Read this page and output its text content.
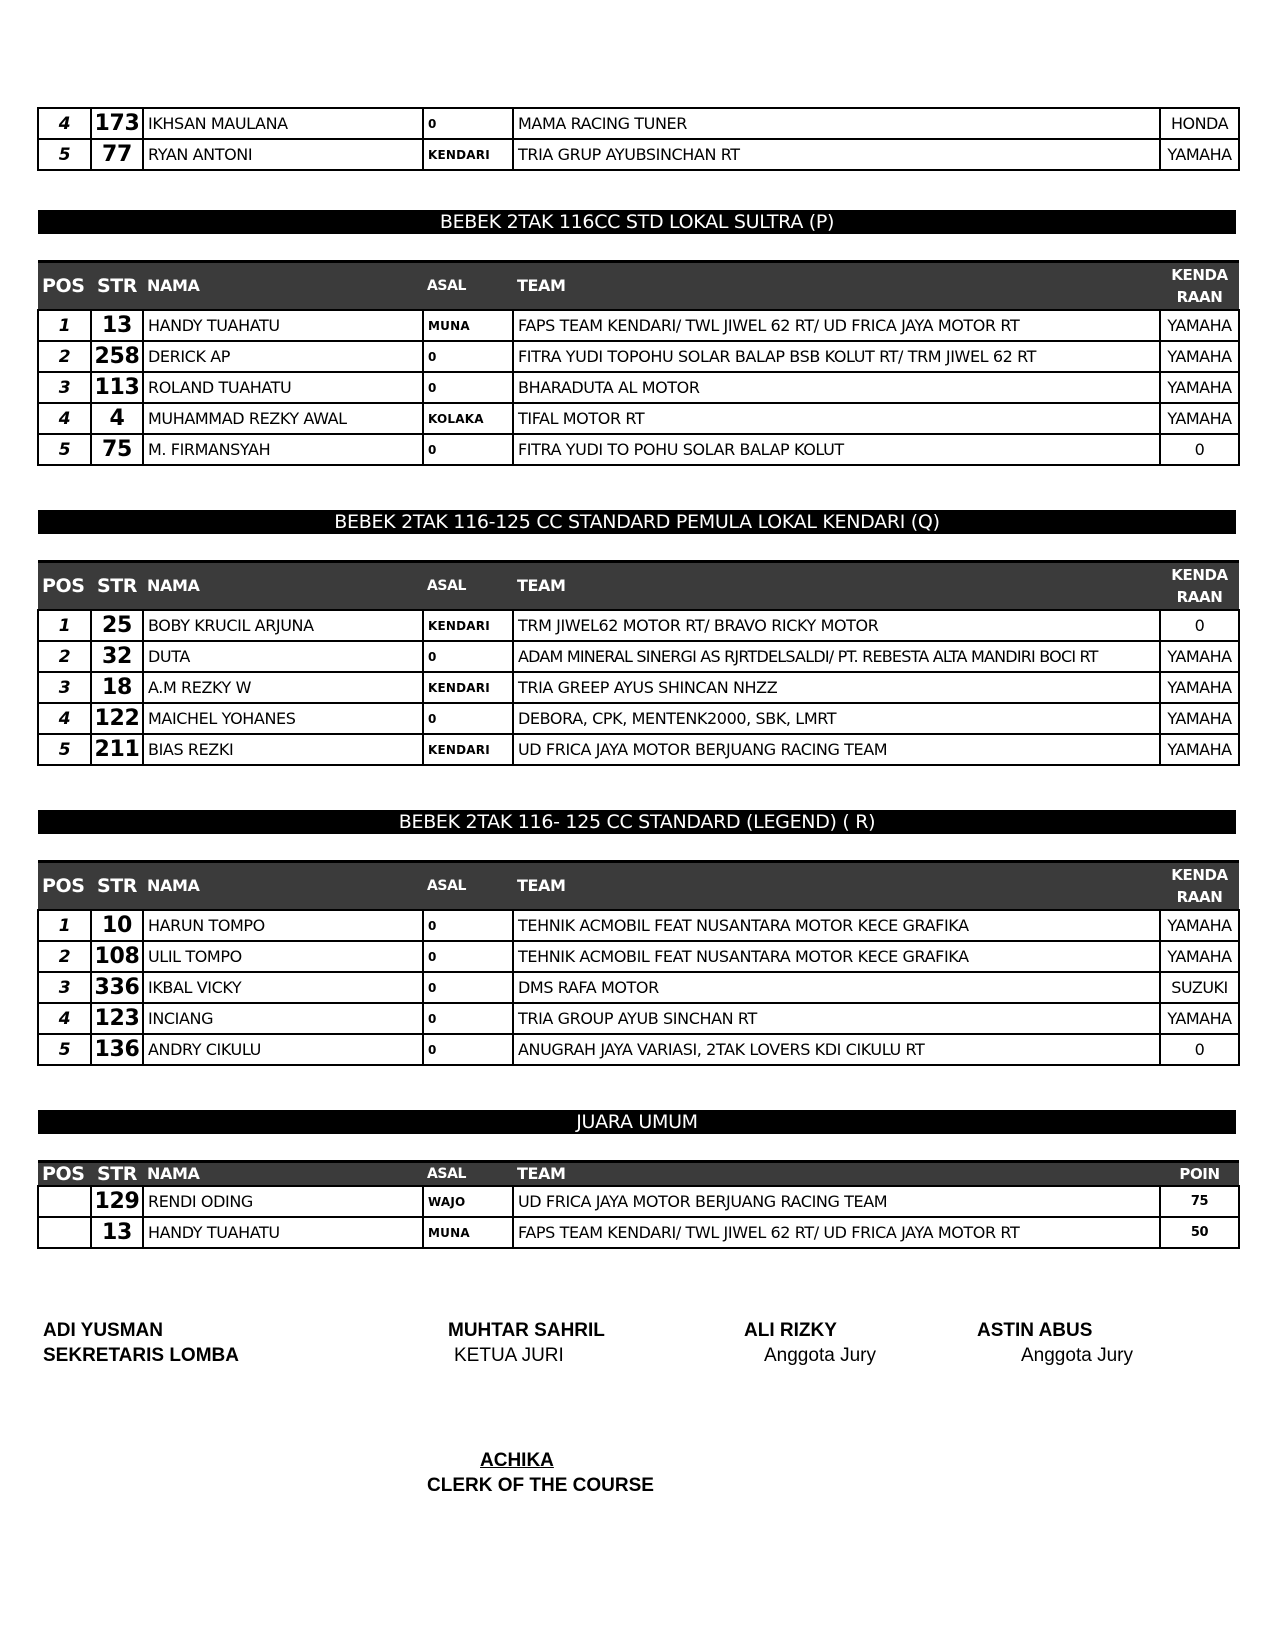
4	173	IKHSAN MAULANA	0	MAMA RACING TUNER	HONDA
5	77	RYAN ANTONI	KENDARI	TRIA GRUP AYUBSINCHAN RT	YAMAHA
BEBEK 2TAK 116CC STD LOKAL SULTRA (P)
POS	STR	NAMA	ASAL	TEAM	KENDA RAAN
1	13	HANDY TUAHATU	MUNA	FAPS TEAM KENDARI/ TWL JIWEL 62 RT/ UD FRICA JAYA MOTOR RT	YAMAHA
2	258	DERICK AP	0	FITRA YUDI TOPOHU SOLAR BALAP BSB KOLUT RT/ TRM JIWEL 62 RT	YAMAHA
3	113	ROLAND TUAHATU	0	BHARADUTA AL MOTOR	YAMAHA
4	4	MUHAMMAD REZKY AWAL	KOLAKA	TIFAL MOTOR RT	YAMAHA
5	75	M. FIRMANSYAH	0	FITRA YUDI TO POHU SOLAR BALAP KOLUT	0
BEBEK 2TAK 116-125 CC STANDARD PEMULA LOKAL KENDARI (Q)
POS	STR	NAMA	ASAL	TEAM	KENDA RAAN
1	25	BOBY KRUCIL ARJUNA	KENDARI	TRM JIWEL62 MOTOR RT/ BRAVO RICKY MOTOR	0
2	32	DUTA	0	ADAM MINERAL SINERGI AS RJRTDELSALDI/ PT. REBESTA ALTA MANDIRI BOCI RT	YAMAHA
3	18	A.M REZKY W	KENDARI	TRIA GREEP AYUS SHINCAN NHZZ	YAMAHA
4	122	MAICHEL YOHANES	0	DEBORA, CPK, MENTENK2000, SBK, LMRT	YAMAHA
5	211	BIAS REZKI	KENDARI	UD FRICA JAYA MOTOR BERJUANG RACING TEAM	YAMAHA
BEBEK 2TAK 116- 125 CC STANDARD (LEGEND) ( R)
POS	STR	NAMA	ASAL	TEAM	KENDA RAAN
1	10	HARUN TOMPO	0	TEHNIK ACMOBIL FEAT NUSANTARA MOTOR KECE GRAFIKA	YAMAHA
2	108	ULIL TOMPO	0	TEHNIK ACMOBIL FEAT NUSANTARA MOTOR KECE GRAFIKA	YAMAHA
3	336	IKBAL VICKY	0	DMS RAFA MOTOR	SUZUKI
4	123	INCIANG	0	TRIA GROUP AYUB SINCHAN RT	YAMAHA
5	136	ANDRY CIKULU	0	ANUGRAH JAYA VARIASI, 2TAK LOVERS KDI CIKULU RT	0
JUARA UMUM
POS	STR	NAMA	ASAL	TEAM	POIN
	129	RENDI ODING	WAJO	UD FRICA JAYA MOTOR BERJUANG RACING TEAM	75
	13	HANDY TUAHATU	MUNA	FAPS TEAM KENDARI/ TWL JIWEL 62 RT/ UD FRICA JAYA MOTOR RT	50
ADI YUSMAN
SEKRETARIS LOMBA
MUHTAR SAHRIL
KETUA JURI
ALI RIZKY
Anggota Jury
ASTIN ABUS
Anggota Jury
ACHIKA
CLERK OF THE COURSE
